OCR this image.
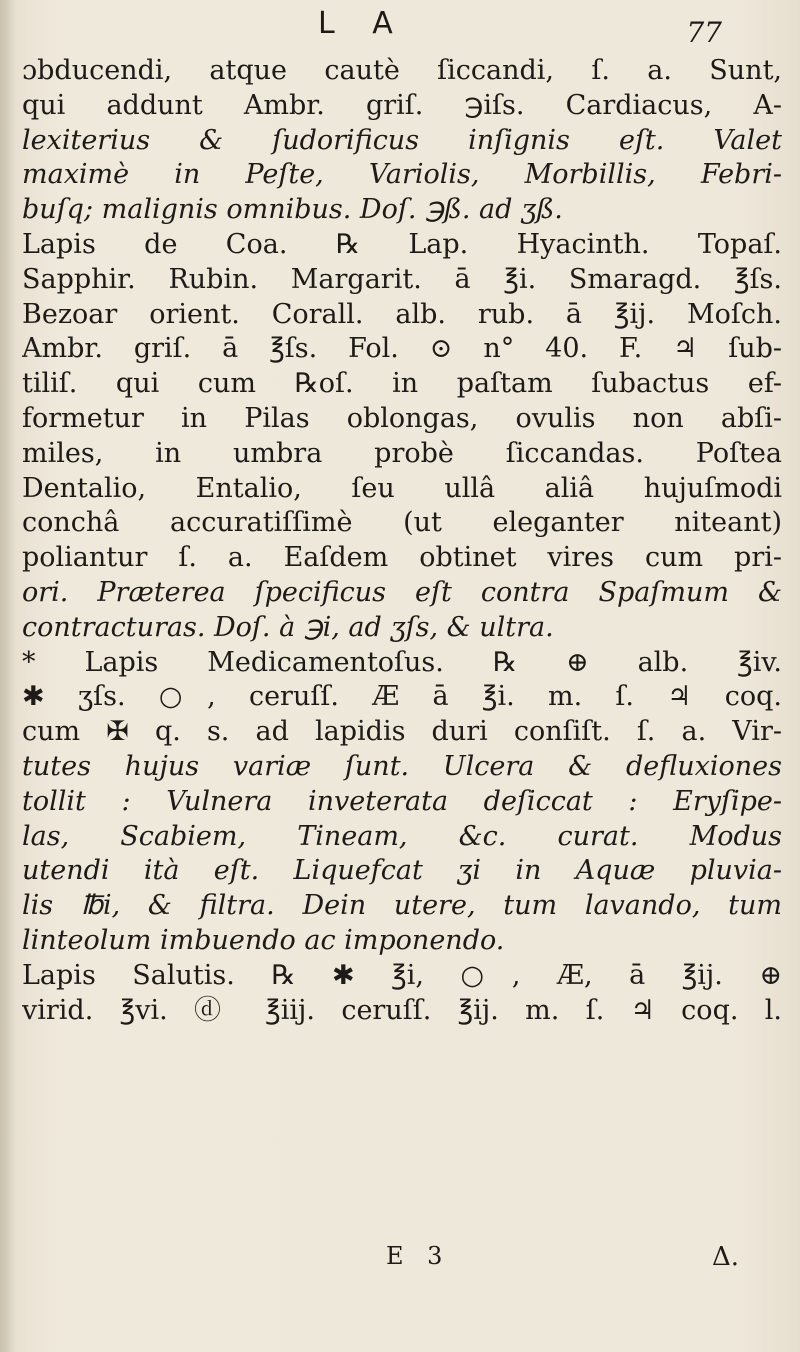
L A	77
ɔbducendi, atque cautè ſiccandi, ſ. a. Sunt,
qui addunt Ambr. griſ. ℈iſs. Cardiacus, A-
lexiterius & ſudorificus inſignis eſt. Valet
maximè in Peſte, Variolis, Morbillis, Febri-
buſq; malignis omnibus. Doſ. ℈ß. ad ʒß.
Lapis de Coa. ℞ Lap. Hyacinth. Topaſ.
Sapphir. Rubin. Margarit. ā ℥i. Smaragd. ℥ſs.
Bezoar orient. Corall. alb. rub. ā ℥ij. Moſch.
Ambr. griſ. ā ℥ſs. Fol. ⊙ n° 40. F. ♃ ſub-
tiliſ. qui cum ℞oſ. in paſtam ſubactus ef-
formetur in Pilas oblongas, ovulis non abſi-
miles, in umbra probè ſiccandas. Poſtea
Dentalio, Entalio, ſeu ullâ aliâ hujuſmodi
conchâ accuratiſſimè (ut eleganter niteant)
poliantur ſ. a. Eaſdem obtinet vires cum pri-
ori. Præterea ſpecificus eſt contra Spaſmum &
contracturas. Doſ. à ℈i, ad ʒſs, & ultra.
* Lapis Medicamentoſus. ℞ ⊕ alb. ℥iv.
✱ ʒſs. ○, ceruſſ. Æ ā ℥i. m. ſ. ♃ coq.
cum ✠ q. s. ad lapidis duri conſiſt. ſ. a. Vir-
tutes hujus variæ ſunt. Ulcera & defluxiones
tollit : Vulnera inveterata deſiccat : Eryſipe-
las, Scabiem, Tineam, &c. curat. Modus
utendi ità eſt. Liquefcat ʒi in Aquæ pluvia-
lis ℔i, & filtra. Dein utere, tum lavando, tum
linteolum imbuendo ac imponendo.
Lapis Salutis. ℞ ✱ ℥i, ○, Æ, ā ℥ij. ⊕
virid. ℥vi. ⓓ ℥iij. ceruſſ. ℥ij. m. ſ. ♃ coq. l.
E 3	Δ.
